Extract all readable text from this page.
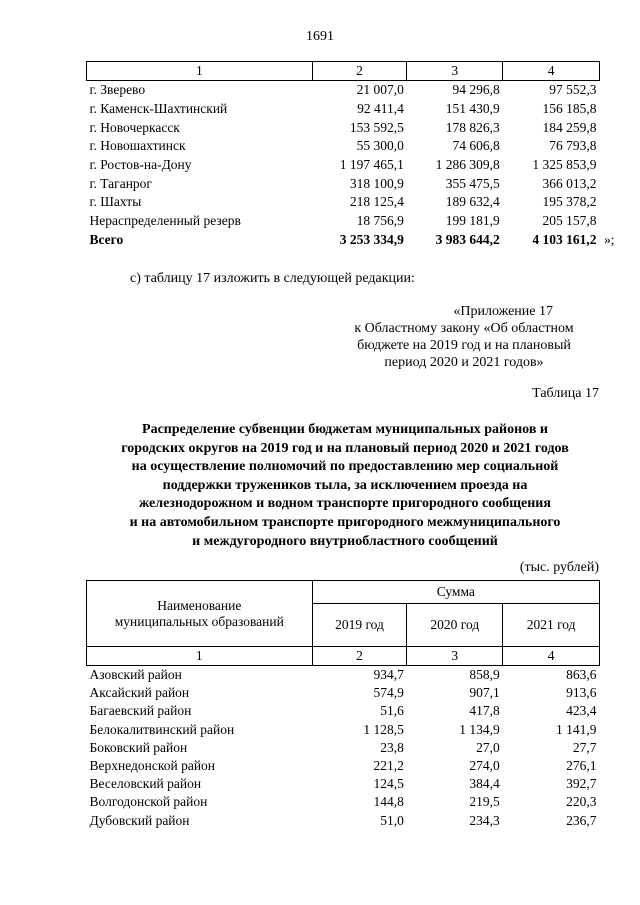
1691
1	2	3	4
г. Зверево	21 007,0	94 296,8	97 552,3
г. Каменск-Шахтинский	92 411,4	151 430,9	156 185,8
г. Новочеркасск	153 592,5	178 826,3	184 259,8
г. Новошахтинск	55 300,0	74 606,8	76 793,8
г. Ростов-на-Дону	1 197 465,1	1 286 309,8	1 325 853,9
г. Таганрог	318 100,9	355 475,5	366 013,2
г. Шахты	218 125,4	189 632,4	195 378,2
Нераспределенный резерв	18 756,9	199 181,9	205 157,8
Всего	3 253 334,9	3 983 644,2	4 103 161,2 »;
с) таблицу 17 изложить в следующей редакции:
«Приложение 17
к Областному закону «Об областном
бюджете на 2019 год и на плановый
период 2020 и 2021 годов»
Таблица 17
Распределение субвенции бюджетам муниципальных районов и
городских округов на 2019 год и на плановый период 2020 и 2021 годов
на осуществление полномочий по предоставлению мер социальной
поддержки тружеников тыла, за исключением проезда на
железнодорожном и водном транспорте пригородного сообщения
и на автомобильном транспорте пригородного межмуниципального
и междугородного внутриобластного сообщений
(тыс. рублей)
Наименование
муниципальных образований	Сумма		
	2019 год	2020 год	2021 год
1	2	3	4
Азовский район	934,7	858,9	863,6
Аксайский район	574,9	907,1	913,6
Багаевский район	51,6	417,8	423,4
Белокалитвинский район	1 128,5	1 134,9	1 141,9
Боковский район	23,8	27,0	27,7
Верхнедонской район	221,2	274,0	276,1
Веселовский район	124,5	384,4	392,7
Волгодонской район	144,8	219,5	220,3
Дубовский район	51,0	234,3	236,7
